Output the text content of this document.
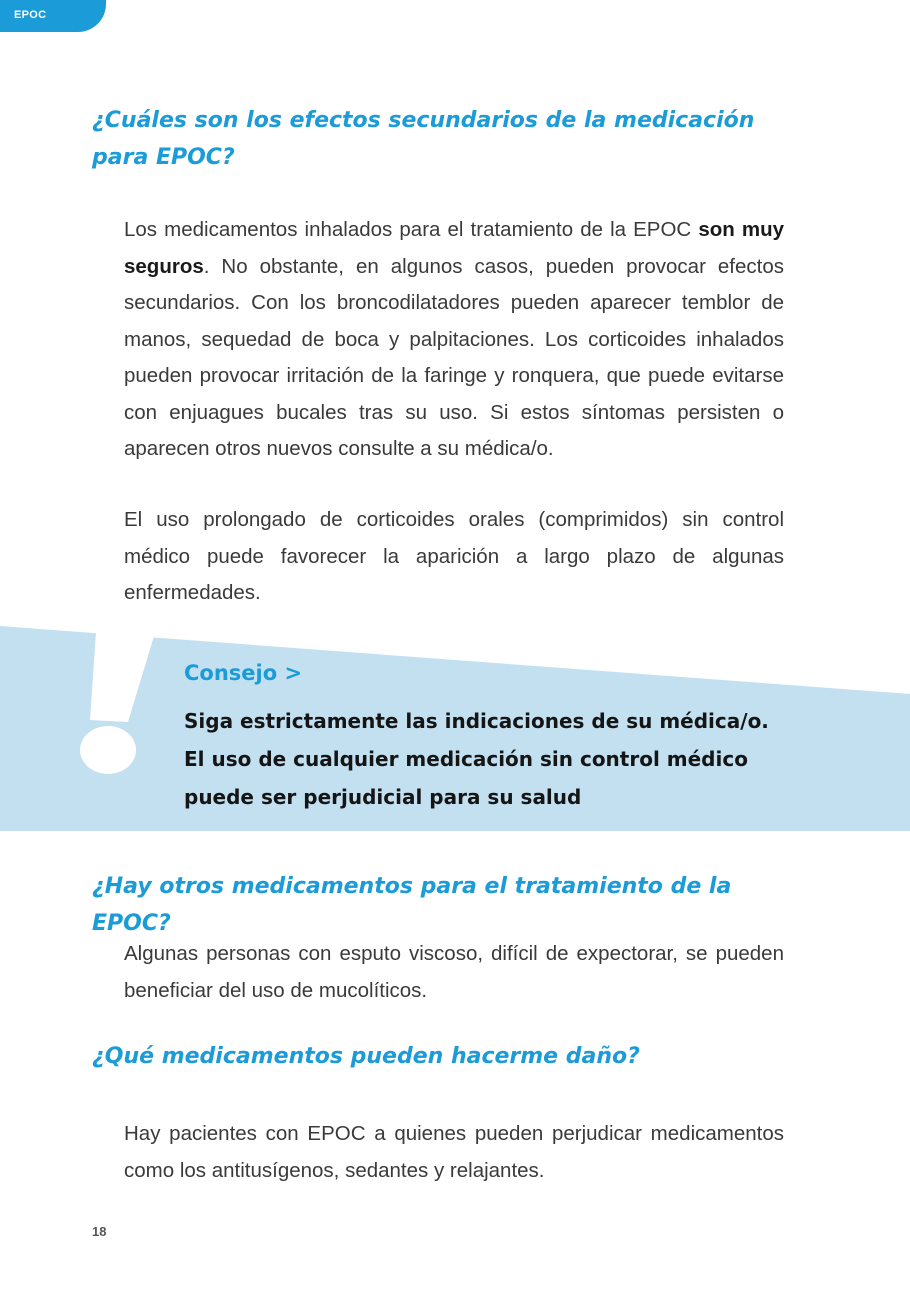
EPOC
¿Cuáles son los efectos secundarios de la medicación para EPOC?

Los medicamentos inhalados para el tratamiento de la EPOC son muy seguros. No obstante, en algunos casos, pueden provocar efectos secundarios. Con los broncodilatadores pueden aparecer temblor de manos, sequedad de boca y palpitaciones. Los corticoides inhalados pueden provocar irritación de la faringe y ronquera, que puede evitarse con enjuagues bucales tras su uso. Si estos síntomas persisten o aparecen otros nuevos consulte a su médica/o.

El uso prolongado de corticoides orales (comprimidos) sin control médico puede favorecer la aparición a largo plazo de algunas enfermedades.

Consejo >

Siga estrictamente las indicaciones de su médica/o. El uso de cualquier medicación sin control médico puede ser perjudicial para su salud

¿Hay otros medicamentos para el tratamiento de la EPOC?

Algunas personas con esputo viscoso, difícil de expectorar, se pueden beneficiar del uso de mucolíticos.

¿Qué medicamentos pueden hacerme daño?

Hay pacientes con EPOC a quienes pueden perjudicar medicamentos como los antitusígenos, sedantes y relajantes.

18
